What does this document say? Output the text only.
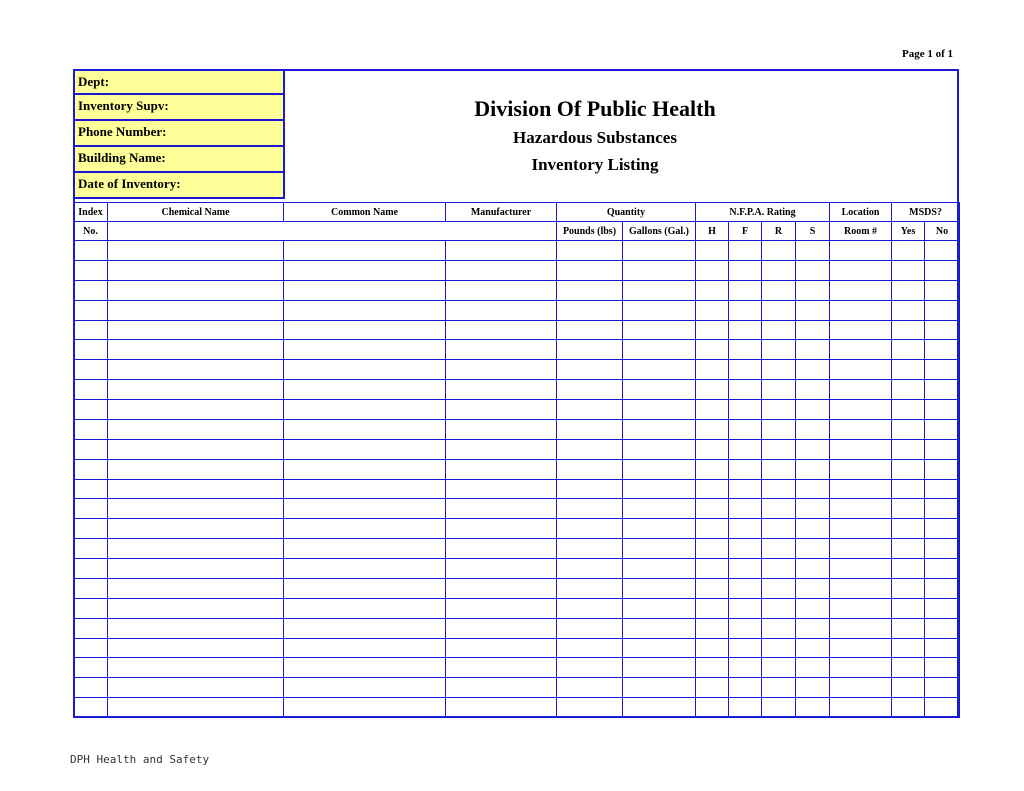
Page 1 of 1
Dept:
Inventory Supv:
Phone Number:
Building Name:
Date of Inventory:
Division Of Public Health
Hazardous Substances
Inventory Listing
Index	Chemical Name	Common Name	Manufacturer	Quantity		N.F.P.A. Rating				Location	MSDS?	
No.				Pounds (lbs)	Gallons (Gal.)	H	F	R	S	Room #	Yes	No

DPH Health and Safety
